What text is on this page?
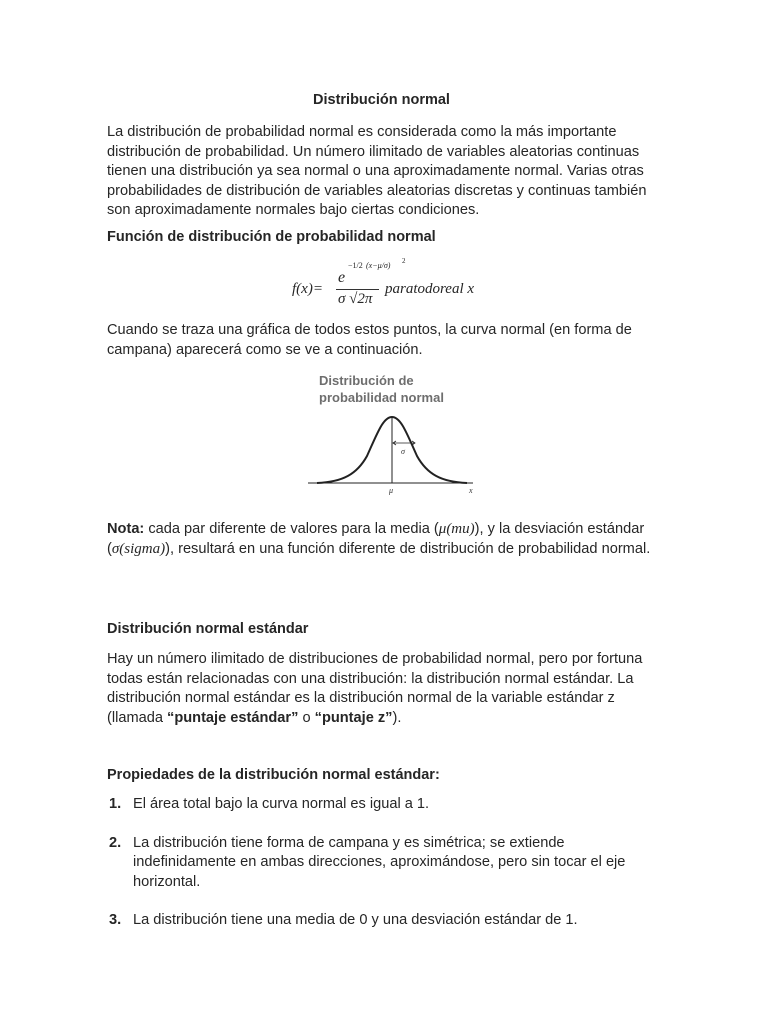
Distribución normal

La distribución de probabilidad normal es considerada como la más importante distribución de probabilidad. Un número ilimitado de variables aleatorias continuas tienen una distribución ya sea normal o una aproximadamente normal. Varias otras probabilidades de distribución de variables aleatorias discretas y continuas también son aproximadamente normales bajo ciertas condiciones.

Función de distribución de probabilidad normal
f(x)=
e
−1/2 (x−μ/σ) 2
σ √2π
paratodoreal x

Cuando se traza una gráfica de todos estos puntos, la curva normal (en forma de campana) aparecerá como se ve a continuación.

Distribución de
probabilidad normal
σ
μ	x

Nota: cada par diferente de valores para la media (μ(mu)), y la desviación estándar (σ(sigma)), resultará en una función diferente de distribución de probabilidad normal.

Distribución normal estándar

Hay un número ilimitado de distribuciones de probabilidad normal, pero por fortuna todas están relacionadas con una distribución: la distribución normal estándar. La distribución normal estándar es la distribución normal de la variable estándar z (llamada “puntaje estándar” o “puntaje z”).

Propiedades de la distribución normal estándar:
1. El área total bajo la curva normal es igual a 1.
2. La distribución tiene forma de campana y es simétrica; se extiende indefinidamente en ambas direcciones, aproximándose, pero sin tocar el eje horizontal.
3. La distribución tiene una media de 0 y una desviación estándar de 1.
